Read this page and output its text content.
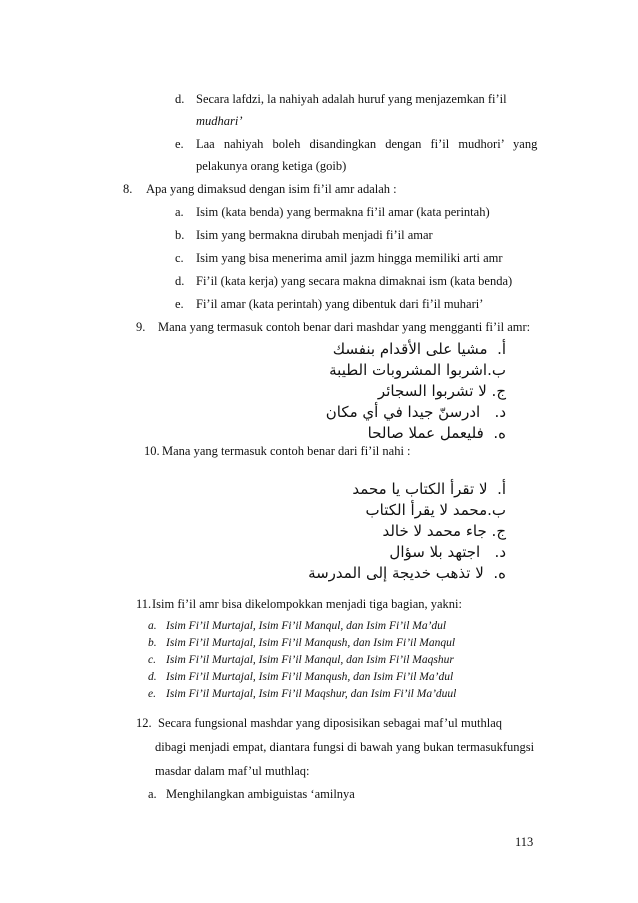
d. Secara lafdzi, la nahiyah adalah huruf yang menjazemkan fi’il
mudhari’
e. Laa nahiyah boleh disandingkan dengan fi’il mudhori’ yang
pelakunya orang ketiga (goib)
8. Apa yang dimaksud dengan isim fi’il amr adalah :
a. Isim (kata benda) yang bermakna fi’il amar (kata perintah)
b. Isim yang bermakna dirubah menjadi fi’il amar
c. Isim yang bisa menerima amil jazm hingga memiliki arti amr
d. Fi’il (kata kerja) yang secara makna dimaknai ism (kata benda)
e. Fi’il amar (kata perintah) yang dibentuk dari fi’il muhari’
9. Mana yang termasuk contoh benar dari mashdar yang mengganti fi’il amr:
أ.  مشيا على الأقدام بنفسك
ب.اشربوا المشروبات الطيبة
ج. لا تشربوا السجائر
د.   ادرسنّ جيدا في أي مكان
ه.  فليعمل عملا صالحا
10. Mana yang termasuk contoh benar dari fi’il nahi :
أ.  لا تقرأ الكتاب يا محمد
ب.محمد لا يقرأ الكتاب
ج. جاء محمد لا خالد
د.   اجتهد بلا سؤال
ه.  لا تذهب خديجة إلى المدرسة
11. Isim fi’il amr bisa dikelompokkan menjadi tiga bagian, yakni:
a. Isim Fi’il Murtajal, Isim Fi’il Manqul, dan Isim Fi’il Ma’dul
b. Isim Fi’il Murtajal, Isim Fi’il Manqush, dan Isim Fi’il Manqul
c. Isim Fi’il Murtajal, Isim Fi’il Manqul, dan Isim Fi’il Maqshur
d. Isim Fi’il Murtajal, Isim Fi’il Manqush, dan Isim Fi’il Ma’dul
e. Isim Fi’il Murtajal, Isim Fi’il Maqshur, dan Isim Fi’il Ma’duul
12. Secara fungsional mashdar yang diposisikan sebagai maf’ul muthlaq
dibagi menjadi empat, diantara fungsi di bawah yang bukan termasukfungsi
masdar dalam maf’ul muthlaq:
a. Menghilangkan ambiguistas ‘amilnya
113
